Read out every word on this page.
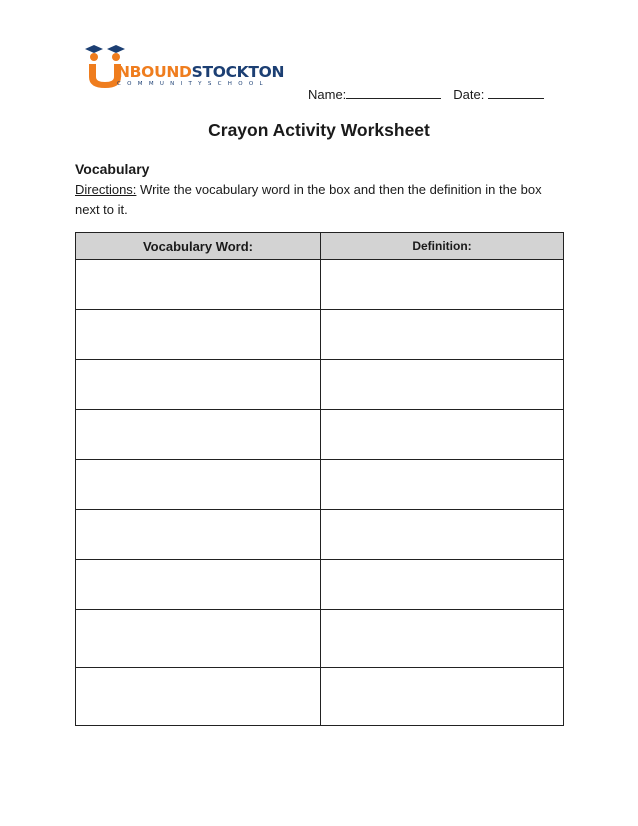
NBOUNDSTOCKTON
COMMUNITYSCHOOL
Name:	Date:
Crayon Activity Worksheet
Vocabulary
Directions: Write the vocabulary word in the box and then the definition in the box next to it.
Vocabulary Word:	Definition:
